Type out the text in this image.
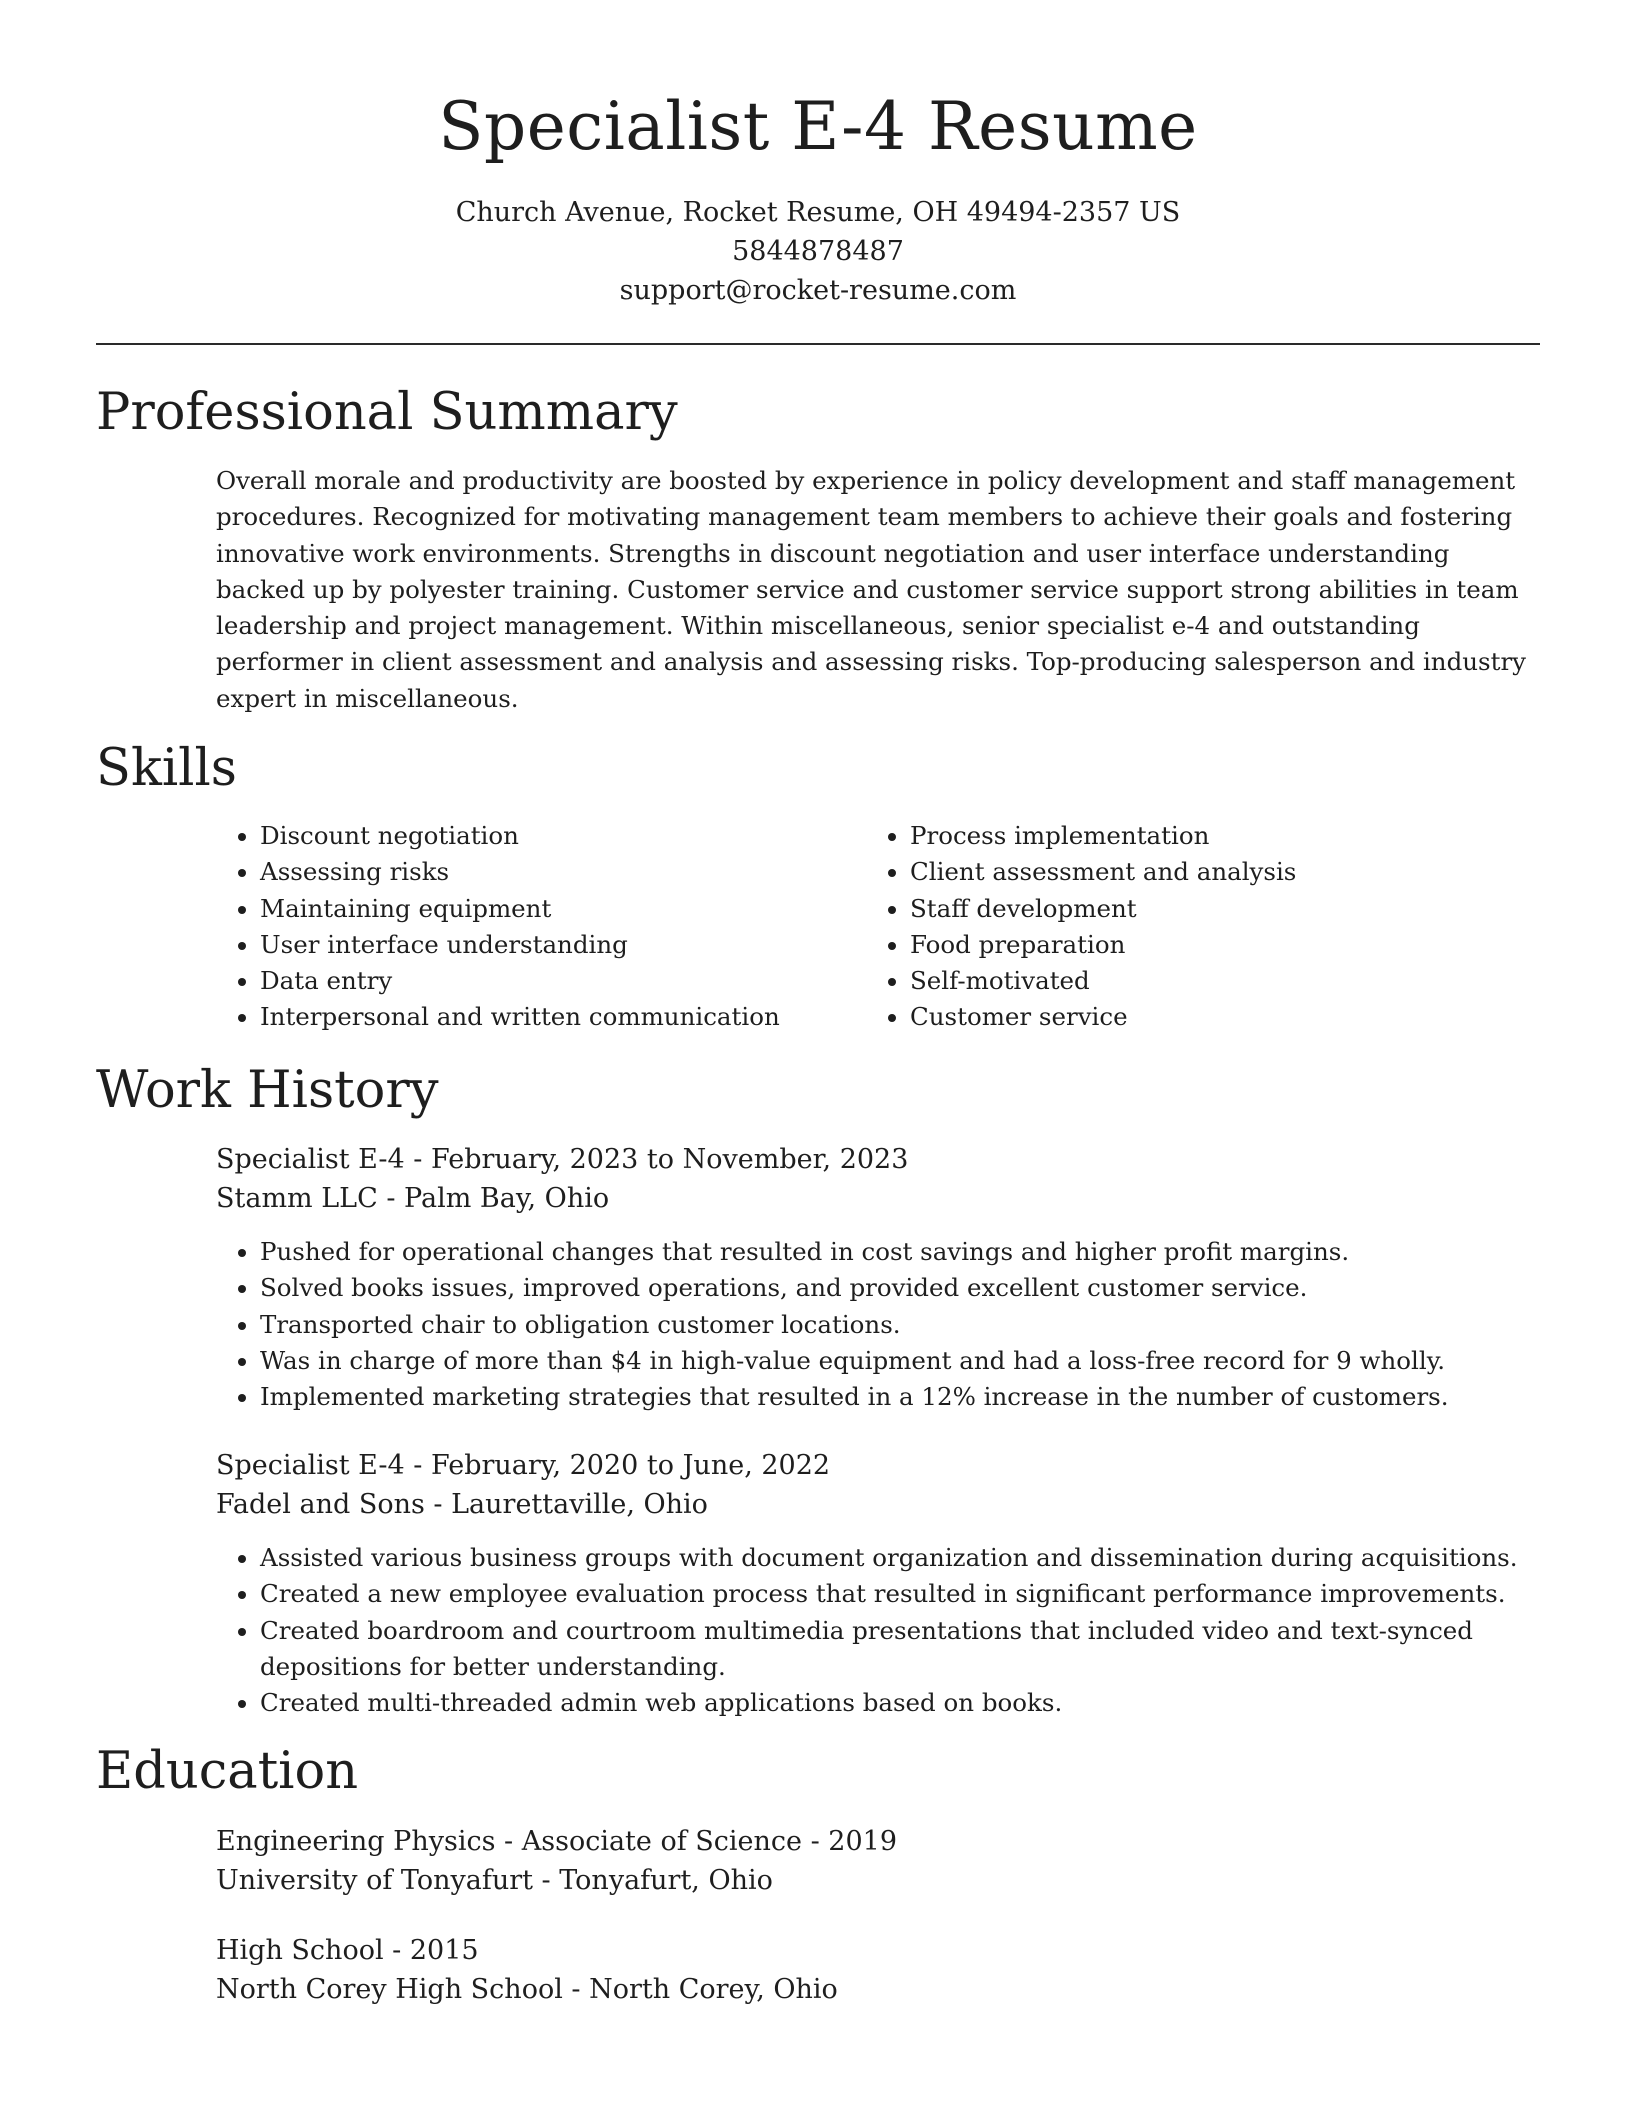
Specialist E-4 Resume
Church Avenue, Rocket Resume, OH 49494-2357 US
5844878487
support@rocket-resume.com
Professional Summary

Overall morale and productivity are boosted by experience in policy development and staff management procedures. Recognized for motivating management team members to achieve their goals and fostering innovative work environments. Strengths in discount negotiation and user interface understanding backed up by polyester training. Customer service and customer service support strong abilities in team leadership and project management. Within miscellaneous, senior specialist e-4 and outstanding performer in client assessment and analysis and assessing risks. Top-producing salesperson and industry expert in miscellaneous.

Skills
• Discount negotiation
• Assessing risks
• Maintaining equipment
• User interface understanding
• Data entry
• Interpersonal and written communication
• Process implementation
• Client assessment and analysis
• Staff development
• Food preparation
• Self-motivated
• Customer service
Work History

Specialist E-4 - February, 2023 to November, 2023

Stamm LLC - Palm Bay, Ohio

• Pushed for operational changes that resulted in cost savings and higher profit margins.
• Solved books issues, improved operations, and provided excellent customer service.
• Transported chair to obligation customer locations.
• Was in charge of more than $4 in high-value equipment and had a loss-free record for 9 wholly.
• Implemented marketing strategies that resulted in a 12% increase in the number of customers.

Specialist E-4 - February, 2020 to June, 2022

Fadel and Sons - Laurettaville, Ohio

• Assisted various business groups with document organization and dissemination during acquisitions.
• Created a new employee evaluation process that resulted in significant performance improvements.
• Created boardroom and courtroom multimedia presentations that included video and text-synced depositions for better understanding.
• Created multi-threaded admin web applications based on books.
Education

Engineering Physics - Associate of Science - 2019

University of Tonyafurt - Tonyafurt, Ohio

High School - 2015

North Corey High School - North Corey, Ohio
